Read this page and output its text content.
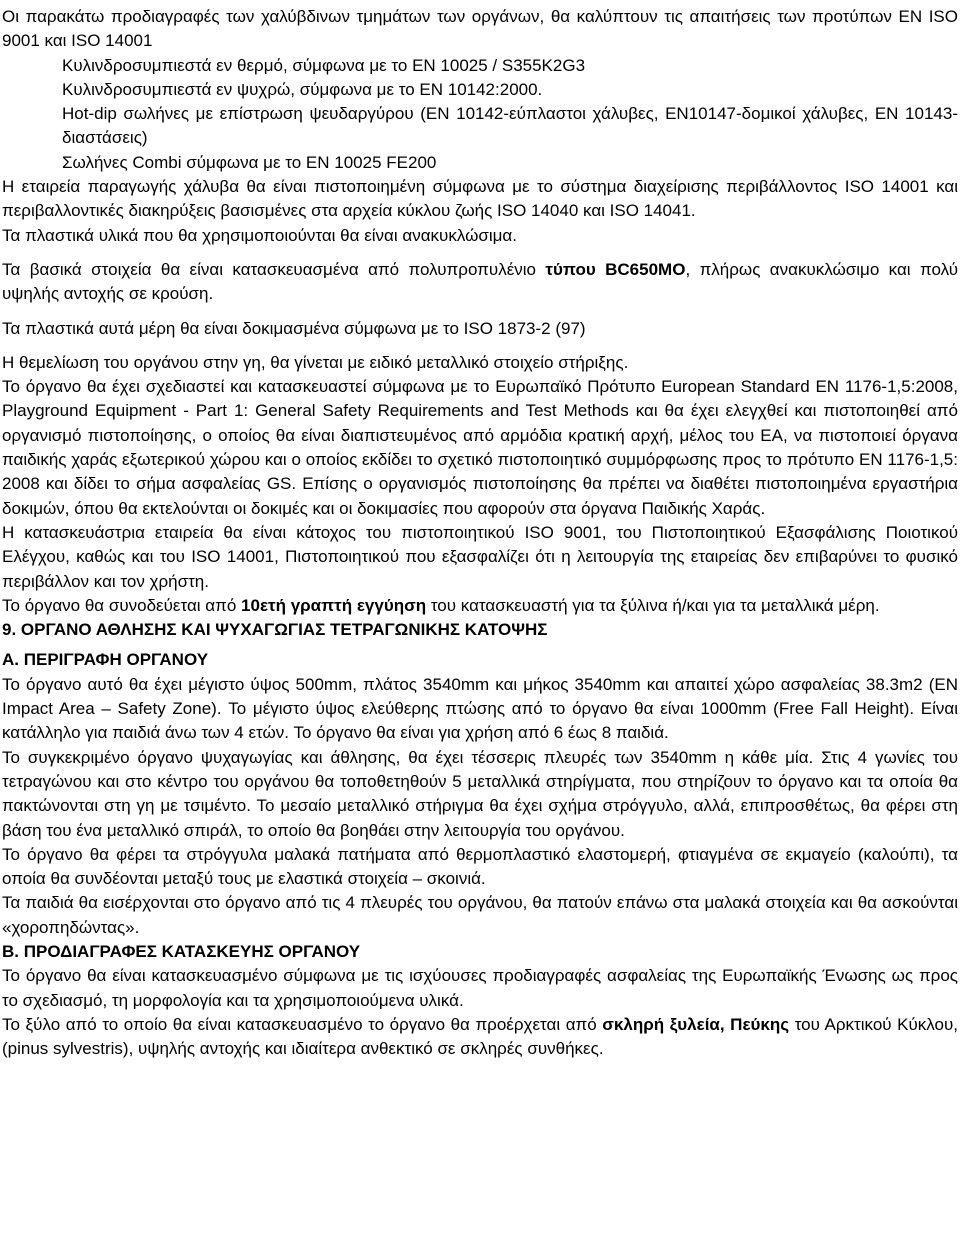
Οι παρακάτω προδιαγραφές των χαλύβδινων τμημάτων των οργάνων, θα καλύπτουν τις απαιτήσεις των προτύπων ΕΝ ISO 9001 και ISO 14001

Κυλινδροσυμπιεστά εν θερμό, σύμφωνα με το ΕΝ 10025 / S355K2G3

Κυλινδροσυμπιεστά εν ψυχρώ, σύμφωνα με το ΕΝ 10142:2000.

Hot-dip σωλήνες με επίστρωση ψευδαργύρου (ΕΝ 10142-εύπλαστοι χάλυβες, ΕΝ10147-δομικοί χάλυβες, ΕΝ 10143-διαστάσεις)

Σωλήνες Combi σύμφωνα με το ΕΝ 10025 FE200

Η εταιρεία παραγωγής χάλυβα θα είναι πιστοποιημένη σύμφωνα με το σύστημα διαχείρισης περιβάλλοντος ISO 14001 και περιβαλλοντικές διακηρύξεις βασισμένες στα αρχεία κύκλου ζωής ISO 14040 και ISO 14041.

Τα πλαστικά υλικά που θα χρησιμοποιούνται θα είναι ανακυκλώσιμα.

Τα βασικά στοιχεία θα είναι κατασκευασμένα από πολυπροπυλένιο τύπου BC650MO, πλήρως ανακυκλώσιμο και πολύ υψηλής αντοχής σε κρούση.

Τα πλαστικά αυτά μέρη θα είναι δοκιμασμένα σύμφωνα με το ISO 1873-2 (97)

Η θεμελίωση του οργάνου στην γη, θα γίνεται με ειδικό μεταλλικό στοιχείο στήριξης.

Το όργανο θα έχει σχεδιαστεί και κατασκευαστεί σύμφωνα με το Ευρωπαϊκό Πρότυπο European Standard EN 1176-1,5:2008, Playground Equipment - Part 1: General Safety Requirements and Test Methods και θα έχει ελεγχθεί και πιστοποιηθεί από οργανισμό πιστοποίησης, ο οποίος θα είναι διαπιστευμένος από αρμόδια κρατική αρχή, μέλος του ΕΑ, να πιστοποιεί όργανα παιδικής χαράς εξωτερικού χώρου και ο οποίος εκδίδει το σχετικό πιστοποιητικό συμμόρφωσης προς το πρότυπο ΕΝ 1176-1,5: 2008 και δίδει το σήμα ασφαλείας GS. Επίσης ο οργανισμός πιστοποίησης θα πρέπει να διαθέτει πιστοποιημένα εργαστήρια δοκιμών, όπου θα εκτελούνται οι δοκιμές και οι δοκιμασίες που αφορούν στα όργανα Παιδικής Χαράς.

Η κατασκευάστρια εταιρεία θα είναι κάτοχος του πιστοποιητικού ISO 9001, του Πιστοποιητικού Εξασφάλισης Ποιοτικού Ελέγχου, καθώς και του ISO 14001, Πιστοποιητικού που εξασφαλίζει ότι η λειτουργία της εταιρείας δεν επιβαρύνει το φυσικό περιβάλλον και τον χρήστη.

Το όργανο θα συνοδεύεται από 10ετή γραπτή εγγύηση του κατασκευαστή για τα ξύλινα ή/και για τα μεταλλικά μέρη.

9. ΟΡΓΑΝΟ ΑΘΛΗΣΗΣ ΚΑΙ ΨΥΧΑΓΩΓΙΑΣ ΤΕΤΡΑΓΩΝΙΚΗΣ ΚΑΤΟΨΗΣ

Α. ΠΕΡΙΓΡΑΦΗ ΟΡΓΑΝΟΥ

Το όργανο αυτό θα έχει μέγιστο ύψος 500mm, πλάτος 3540mm και μήκος 3540mm και απαιτεί χώρο ασφαλείας 38.3m2 (EN Impact Area – Safety Zone). Το μέγιστο ύψος ελεύθερης πτώσης από το όργανο θα είναι 1000mm (Free Fall Height). Είναι κατάλληλο για παιδιά άνω των 4 ετών. Το όργανο θα είναι για χρήση από 6 έως 8 παιδιά.

Το συγκεκριμένο όργανο ψυχαγωγίας και άθλησης, θα έχει τέσσερις πλευρές των 3540mm η κάθε μία. Στις 4 γωνίες του τετραγώνου και στο κέντρο του οργάνου θα τοποθετηθούν 5 μεταλλικά στηρίγματα, που στηρίζουν το όργανο και τα οποία θα πακτώνονται στη γη με τσιμέντο. Το μεσαίο μεταλλικό στήριγμα θα έχει σχήμα στρόγγυλο, αλλά, επιπροσθέτως, θα φέρει στη βάση του ένα μεταλλικό σπιράλ, το οποίο θα βοηθάει στην λειτουργία του οργάνου.

Το όργανο θα φέρει τα στρόγγυλα μαλακά πατήματα από θερμοπλαστικό ελαστομερή, φτιαγμένα σε εκμαγείο (καλούπι), τα οποία θα συνδέονται μεταξύ τους με ελαστικά στοιχεία – σκοινιά.

Τα παιδιά θα εισέρχονται στο όργανο από τις 4 πλευρές του οργάνου, θα πατούν επάνω στα μαλακά στοιχεία και θα ασκούνται «χοροπηδώντας».

Β. ΠΡΟΔΙΑΓΡΑΦΕΣ ΚΑΤΑΣΚΕΥΗΣ ΟΡΓΑΝΟΥ

Το όργανο θα είναι κατασκευασμένο σύμφωνα με τις ισχύουσες προδιαγραφές ασφαλείας της Ευρωπαϊκής Ένωσης ως προς το σχεδιασμό, τη μορφολογία και τα χρησιμοποιούμενα υλικά.

Το ξύλο από το οποίο θα είναι κατασκευασμένο το όργανο θα προέρχεται από σκληρή ξυλεία, Πεύκης του Αρκτικού Κύκλου, (pinus sylvestris), υψηλής αντοχής και ιδιαίτερα ανθεκτικό σε σκληρές συνθήκες.
